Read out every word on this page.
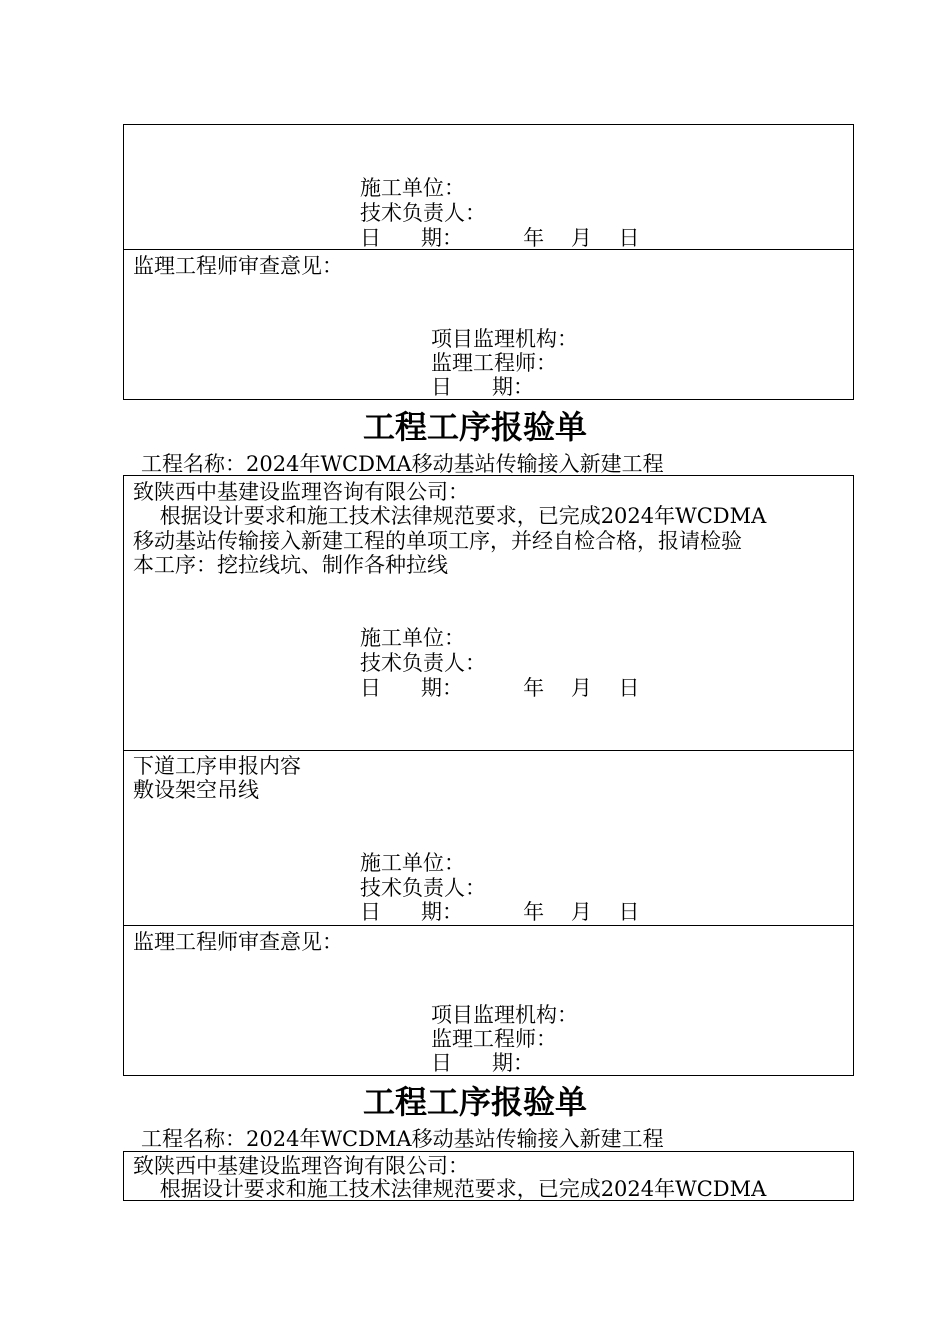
施工单位：
技术负责人：
日      期：         年    月    日
监理工程师审查意见：
项目监理机构：
监理工程师：
日      期：
工程工序报验单
工程名称：2024年WCDMA移动基站传输接入新建工程
致陕西中基建设监理咨询有限公司：
根据设计要求和施工技术法律规范要求，已完成2024年WCDMA
移动基站传输接入新建工程的单项工序，并经自检合格，报请检验
本工序：挖拉线坑、制作各种拉线
施工单位：
技术负责人：
日      期：         年    月    日
下道工序申报内容
敷设架空吊线
施工单位：
技术负责人：
日      期：         年    月    日
监理工程师审查意见：
项目监理机构：
监理工程师：
日      期：
工程工序报验单
工程名称：2024年WCDMA移动基站传输接入新建工程
致陕西中基建设监理咨询有限公司：
根据设计要求和施工技术法律规范要求，已完成2024年WCDMA
